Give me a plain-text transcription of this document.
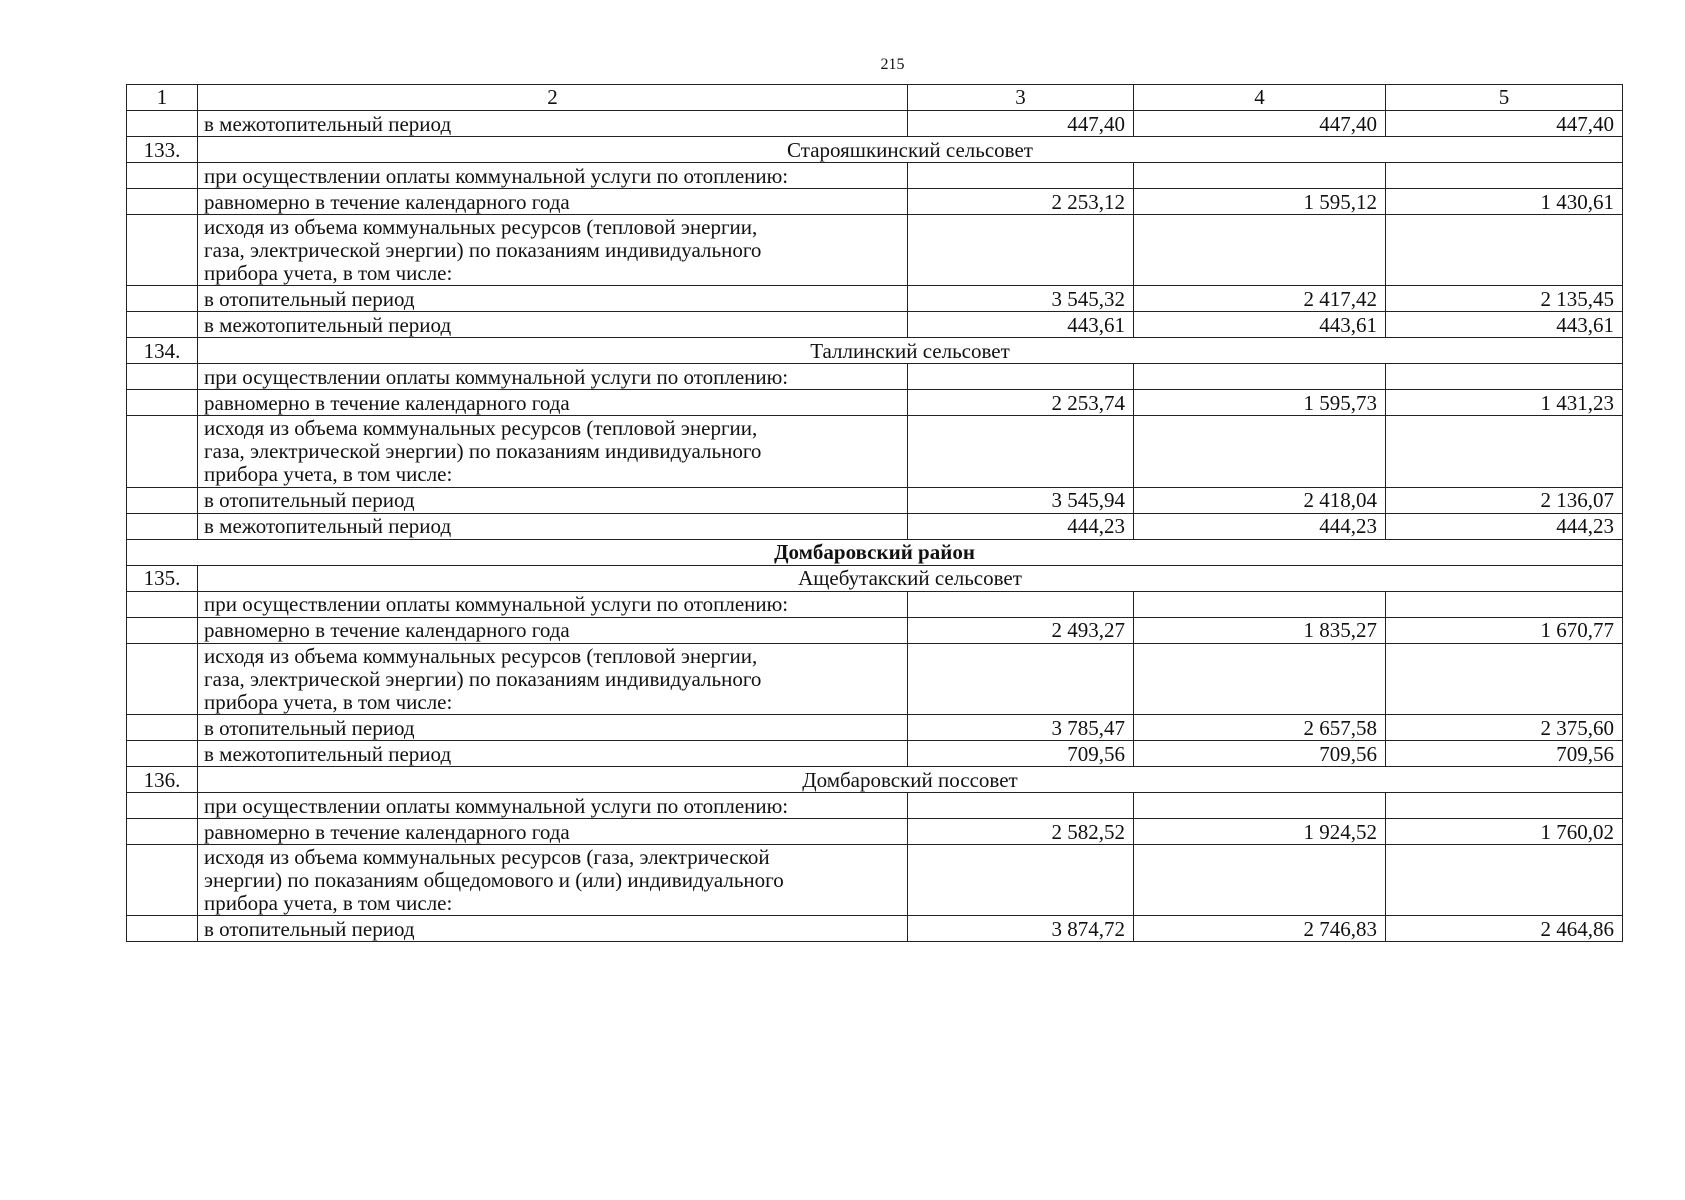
215
1	2	3	4	5

	в межотопительный период	447,40	447,40	447,40
133.	Старояшкинский сельсовет			

	при осуществлении оплаты коммунальной услуги по отоплению:			

	равномерно в течение календарного года	2 253,12	1 595,12	1 430,61

	исходя из объема коммунальных ресурсов (тепловой энергии,
газа, электрической энергии) по показаниям индивидуального
прибора учета, в том числе:			

	в отопительный период	3 545,32	2 417,42	2 135,45

	в межотопительный период	443,61	443,61	443,61
134.	Таллинский сельсовет			

	при осуществлении оплаты коммунальной услуги по отоплению:			

	равномерно в течение календарного года	2 253,74	1 595,73	1 431,23

	исходя из объема коммунальных ресурсов (тепловой энергии,
газа, электрической энергии) по показаниям индивидуального
прибора учета, в том числе:			

	в отопительный период	3 545,94	2 418,04	2 136,07

	в межотопительный период	444,23	444,23	444,23
Домбаровский район				
135.	Ащебутакский сельсовет			

	при осуществлении оплаты коммунальной услуги по отоплению:			

	равномерно в течение календарного года	2 493,27	1 835,27	1 670,77

	исходя из объема коммунальных ресурсов (тепловой энергии,
газа, электрической энергии) по показаниям индивидуального
прибора учета, в том числе:			

	в отопительный период	3 785,47	2 657,58	2 375,60

	в межотопительный период	709,56	709,56	709,56
136.	Домбаровский поссовет			

	при осуществлении оплаты коммунальной услуги по отоплению:			

	равномерно в течение календарного года	2 582,52	1 924,52	1 760,02

	исходя из объема коммунальных ресурсов (газа, электрической
энергии) по показаниям общедомового и (или) индивидуального
прибора учета, в том числе:			

	в отопительный период	3 874,72	2 746,83	2 464,86
